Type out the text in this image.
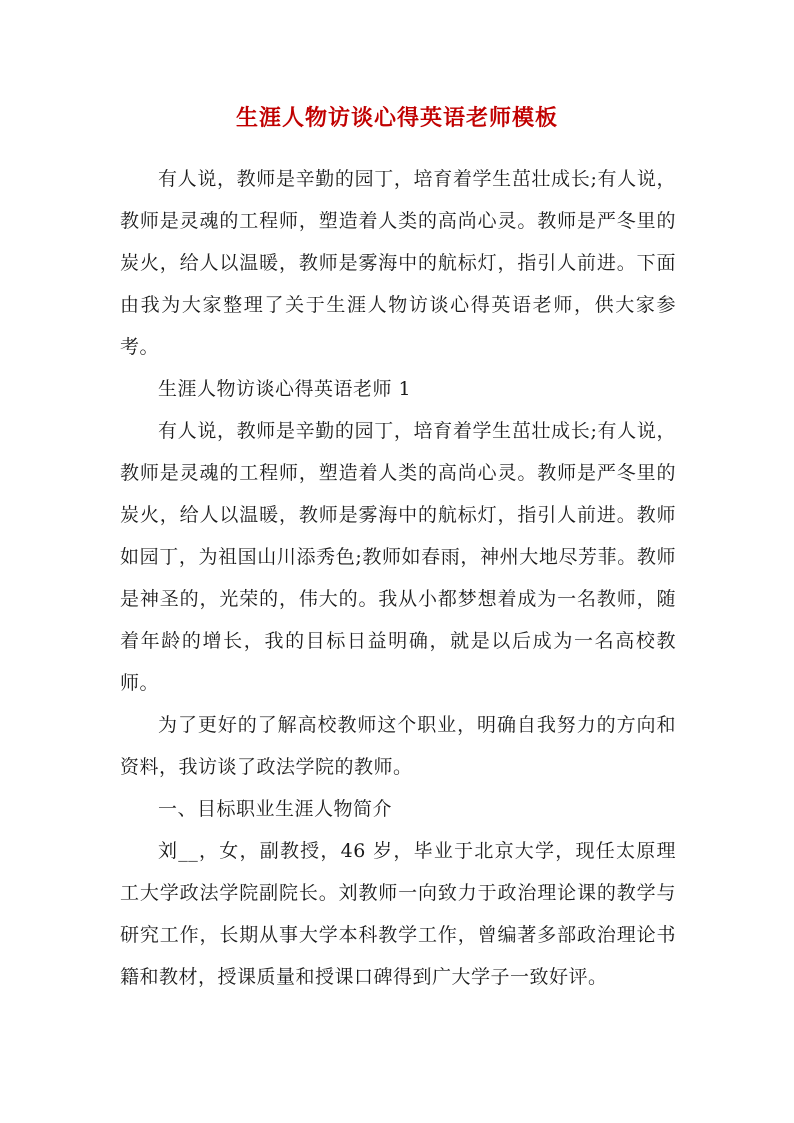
生涯人物访谈心得英语老师模板

有人说，教师是辛勤的园丁，培育着学生茁壮成长;有人说，教师是灵魂的工程师，塑造着人类的高尚心灵。教师是严冬里的炭火，给人以温暖，教师是雾海中的航标灯，指引人前进。下面由我为大家整理了关于生涯人物访谈心得英语老师，供大家参考。

生涯人物访谈心得英语老师 1

有人说，教师是辛勤的园丁，培育着学生茁壮成长;有人说，教师是灵魂的工程师，塑造着人类的高尚心灵。教师是严冬里的炭火，给人以温暖，教师是雾海中的航标灯，指引人前进。教师如园丁，为祖国山川添秀色;教师如春雨，神州大地尽芳菲。教师是神圣的，光荣的，伟大的。我从小都梦想着成为一名教师，随着年龄的增长，我的目标日益明确，就是以后成为一名高校教师。

为了更好的了解高校教师这个职业，明确自我努力的方向和资料，我访谈了政法学院的教师。

一、目标职业生涯人物简介

刘__，女，副教授，46 岁，毕业于北京大学，现任太原理工大学政法学院副院长。刘教师一向致力于政治理论课的教学与研究工作，长期从事大学本科教学工作，曾编著多部政治理论书籍和教材，授课质量和授课口碑得到广大学子一致好评。
